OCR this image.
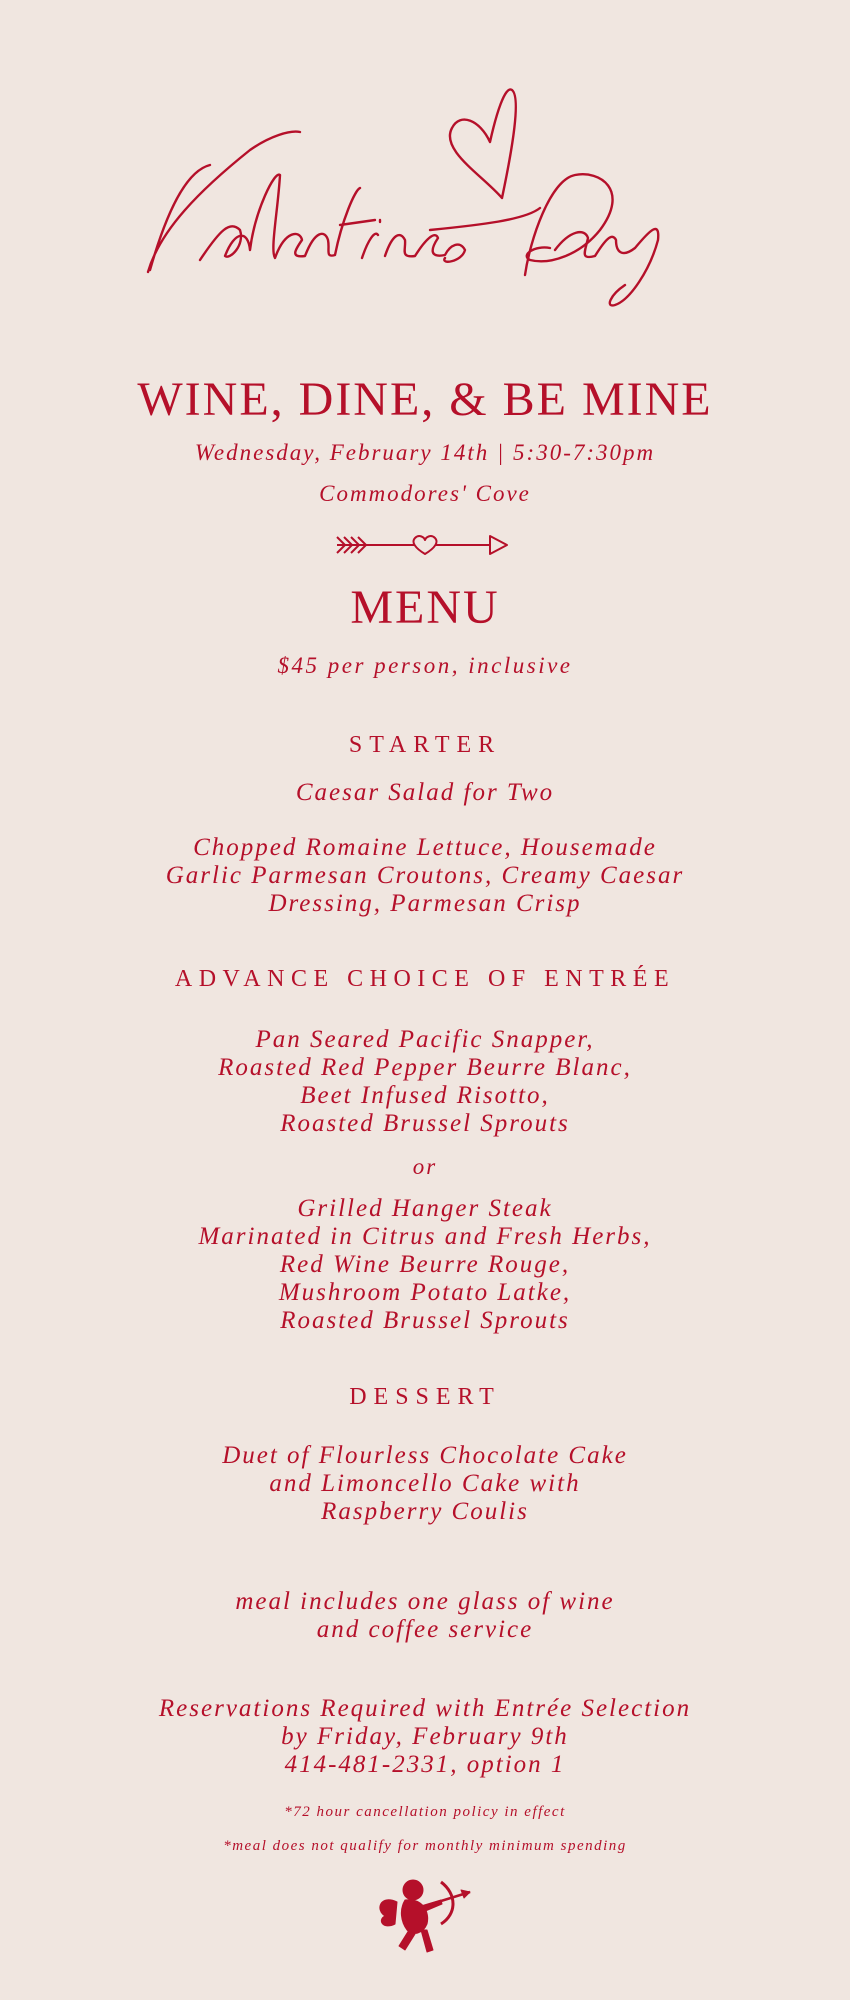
WINE, DINE, & BE MINE
Wednesday, February 14th | 5:30-7:30pm
Commodores' Cove
MENU
$45 per person, inclusive
STARTER
Caesar Salad for Two
Chopped Romaine Lettuce, Housemade
Garlic Parmesan Croutons, Creamy Caesar
Dressing, Parmesan Crisp
ADVANCE CHOICE OF ENTRÉE
Pan Seared Pacific Snapper,
Roasted Red Pepper Beurre Blanc,
Beet Infused Risotto,
Roasted Brussel Sprouts
or
Grilled Hanger Steak
Marinated in Citrus and Fresh Herbs,
Red Wine Beurre Rouge,
Mushroom Potato Latke,
Roasted Brussel Sprouts
DESSERT
Duet of Flourless Chocolate Cake
and Limoncello Cake with
Raspberry Coulis
meal includes one glass of wine
and coffee service
Reservations Required with Entrée Selection
by Friday, February 9th
414-481-2331, option 1
*72 hour cancellation policy in effect
*meal does not qualify for monthly minimum spending
